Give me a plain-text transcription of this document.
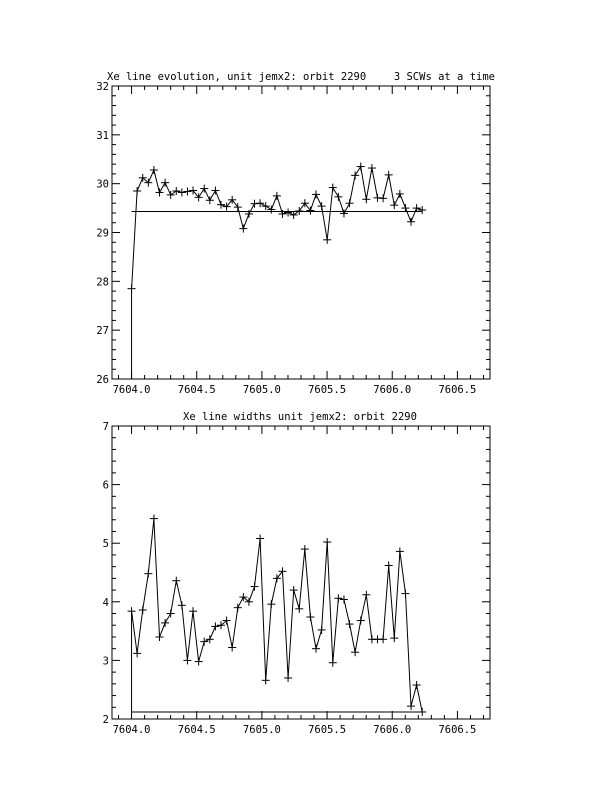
Xe line evolution, unit jemx2: orbit 2290	3 SCWs at a time
7604.0	7604.5	7605.0	7605.5	7606.0	7606.5
26
27
28
29
30
31
32
Xe line widths unit jemx2: orbit 2290
7604.0	7604.5	7605.0	7605.5	7606.0	7606.5
2
3
4
5
6
7
